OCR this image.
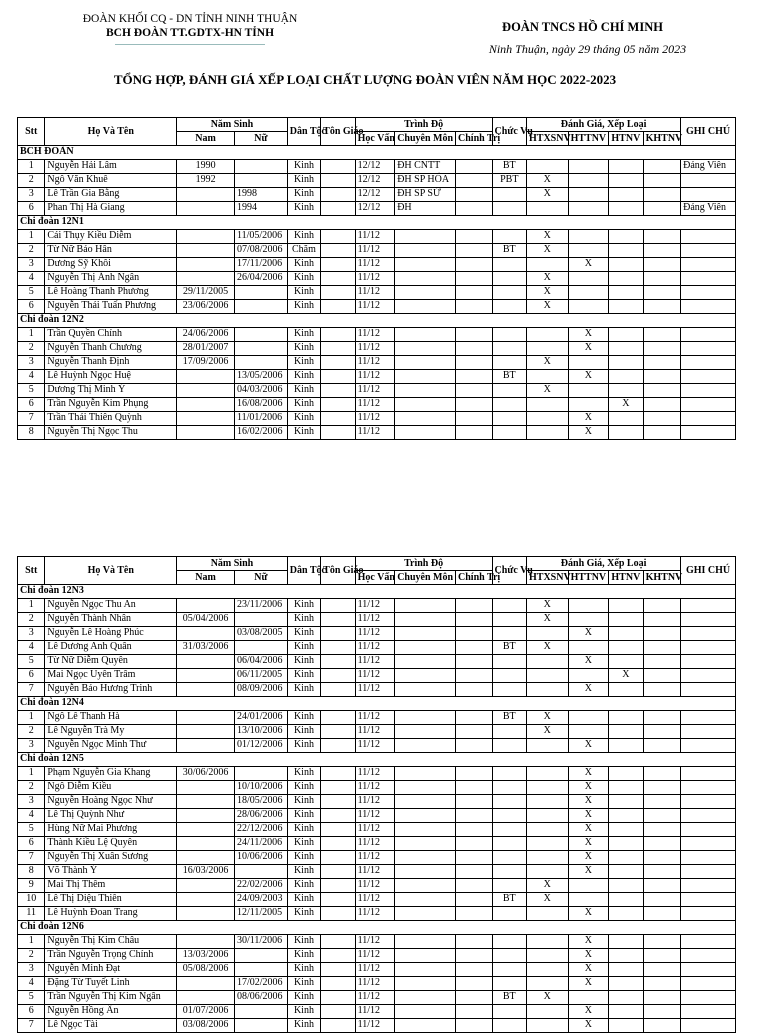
ĐOÀN KHỐI CQ - DN TỈNH NINH THUẬN
BCH ĐOÀN TT.GDTX-HN TỈNH	ĐOÀN TNCS HỒ CHÍ MINH
Ninh Thuận, ngày 29 tháng 05 năm 2023
TỔNG HỢP, ĐÁNH GIÁ XẾP LOẠI CHẤT LƯỢNG ĐOÀN VIÊN NĂM HỌC 2022-2023
Stt	Họ Và Tên	Năm Sinh		Dân Tộc	Tôn Giáo	Trình Độ			Chức Vụ	Đánh Giá, Xếp Loại				GHI CHÚ
		Nam	Nữ			Học Vấn	Chuyên Môn	Chính Trị		HTXSNV	HTTNV	HTNV	KHTNV	
BCH ĐOÀN														
1	Nguyễn Hải Lâm	1990		Kinh		12/12	ĐH CNTT		BT					Đảng Viên
2	Ngô Văn Khuê	1992		Kinh		12/12	ĐH SP HÓA		PBT	X				
3	Lê Trần Gia Bằng		1998	Kinh		12/12	ĐH SP SỬ			X				
6	Phan Thị Hà Giang		1994	Kinh		12/12	ĐH							Đảng Viên
Chi đoàn 12N1														
1	Cái Thụy Kiều Diễm		11/05/2006	Kinh		11/12				X				
2	Từ Nữ Bảo Hân		07/08/2006	Chăm		11/12			BT	X				
3	Dương Sỹ Khôi		17/11/2006	Kinh		11/12					X			
4	Nguyễn Thị Ánh Ngân		26/04/2006	Kinh		11/12				X				
5	Lê Hoàng Thanh Phương	29/11/2005		Kinh		11/12				X				
6	Nguyễn Thái Tuấn Phương	23/06/2006		Kinh		11/12				X				
Chi đoàn 12N2														
1	Trần Quyền Chính	24/06/2006		Kinh		11/12					X			
2	Nguyễn Thanh Chương	28/01/2007		Kinh		11/12					X			
3	Nguyễn Thanh Định	17/09/2006		Kinh		11/12				X				
4	Lê Huỳnh Ngọc Huệ		13/05/2006	Kinh		11/12			BT		X			
5	Dương Thị Minh Ý		04/03/2006	Kinh		11/12				X				
6	Trần Nguyễn Kim Phụng		16/08/2006	Kinh		11/12						X		
7	Trần Thái Thiên Quỳnh		11/01/2006	Kinh		11/12					X			
8	Nguyễn Thị Ngọc Thu		16/02/2006	Kinh		11/12					X			
Stt	Họ Và Tên	Năm Sinh		Dân Tộc	Tôn Giáo	Trình Độ			Chức Vụ	Đánh Giá, Xếp Loại				GHI CHÚ
		Nam	Nữ			Học Vấn	Chuyên Môn	Chính Trị		HTXSNV	HTTNV	HTNV	KHTNV	
Chi đoàn 12N3														
1	Nguyễn Ngọc Thu An		23/11/2006	Kinh		11/12				X				
2	Nguyễn Thành Nhân	05/04/2006		Kinh		11/12				X				
3	Nguyễn Lê Hoàng Phúc		03/08/2005	Kinh		11/12					X			
4	Lê Dương Anh Quân	31/03/2006		Kinh		11/12			BT	X				
5	Từ Nữ Diễm Quyên		06/04/2006	Kinh		11/12					X			
6	Mai Ngọc Uyên Trâm		06/11/2005	Kinh		11/12						X		
7	Nguyễn Bảo Hương Trinh		08/09/2006	Kinh		11/12					X			
Chi đoàn 12N4														
1	Ngô Lê Thanh Hà		24/01/2006	Kinh		11/12			BT	X				
2	Lê Nguyễn Trà My		13/10/2006	Kinh		11/12				X				
3	Nguyễn Ngọc Minh Thư		01/12/2006	Kinh		11/12					X			
Chi đoàn 12N5														
1	Phạm Nguyễn Gia Khang	30/06/2006		Kinh		11/12					X			
2	Ngô Diễm Kiều		10/10/2006	Kinh		11/12					X			
3	Nguyễn Hoàng Ngọc Như		18/05/2006	Kinh		11/12					X			
4	Lê Thị Quỳnh Như		28/06/2006	Kinh		11/12					X			
5	Hùng Nữ Mai Phương		22/12/2006	Kinh		11/12					X			
6	Thành Kiều Lệ Quyên		24/11/2006	Kinh		11/12					X			
7	Nguyễn Thị Xuân Sương		10/06/2006	Kinh		11/12					X			
8	Võ Thành Ý	16/03/2006		Kinh		11/12					X			
9	Mai Thị Thêm		22/02/2006	Kinh		11/12				X				
10	Lê Thị Diệu Thiên		24/09/2003	Kinh		11/12			BT	X				
11	Lê Huỳnh Đoan Trang		12/11/2005	Kinh		11/12					X			
Chi đoàn 12N6														
1	Nguyễn Thị Kim Châu		30/11/2006	Kinh		11/12					X			
2	Trần Nguyễn Trọng Chính	13/03/2006		Kinh		11/12					X			
3	Nguyễn Minh Đạt	05/08/2006		Kinh		11/12					X			
4	Đặng Từ Tuyết Linh		17/02/2006	Kinh		11/12					X			
5	Trần Nguyễn Thị Kim Ngân		08/06/2006	Kinh		11/12			BT	X				
6	Nguyễn Hồng Ân	01/07/2006		Kinh		11/12					X			
7	Lê Ngọc Tài	03/08/2006		Kinh		11/12					X			
